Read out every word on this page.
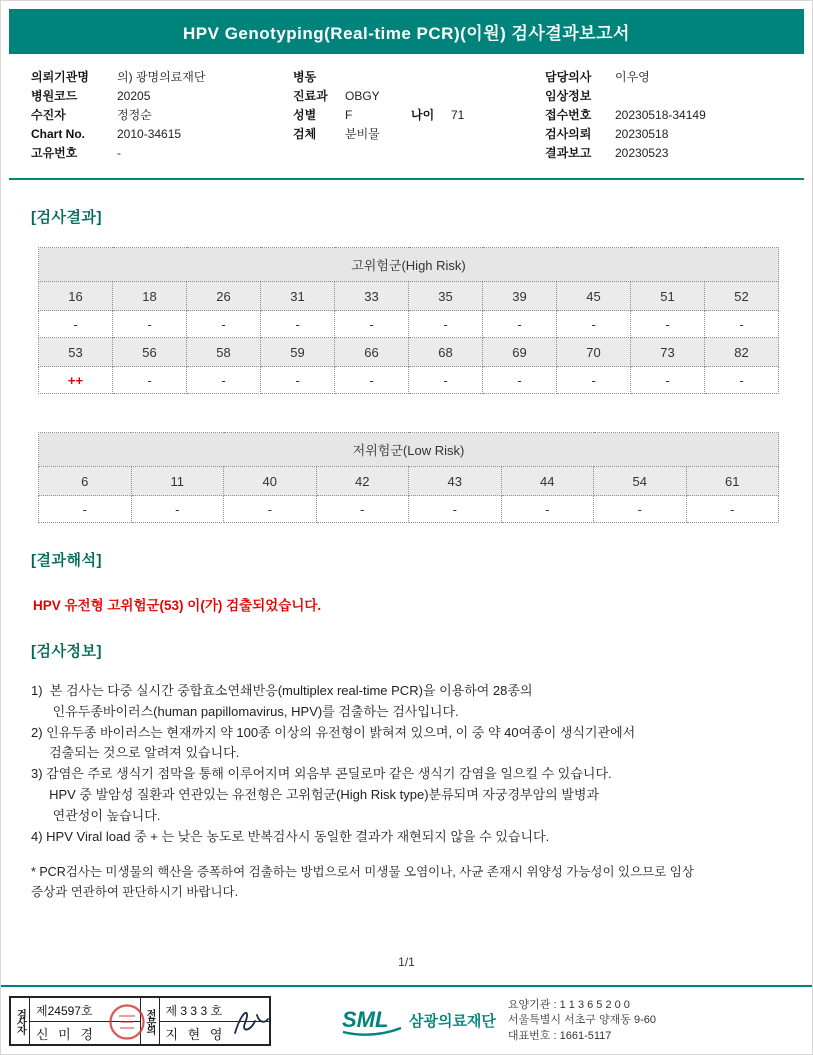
HPV Genotyping(Real-time PCR)(이원) 검사결과보고서
의뢰기관명	의) 광명의료재단
병원코드	20205
수진자	정정순
Chart No.	2010-34615
고유번호	-
병동
진료과	OBGY
성별	F	나이	71
검체	분비물
담당의사	이우영
임상정보
접수번호	20230518-34149
검사의뢰	20230518
결과보고	20230523
[검사결과]
고위험군(High Risk)									
16	18	26	31	33	35	39	45	51	52
-	-	-	-	-	-	-	-	-	-
53	56	58	59	66	68	69	70	73	82
++	-	-	-	-	-	-	-	-	-
저위험군(Low Risk)							
6	11	40	42	43	44	54	61
-	-	-	-	-	-	-	-
[결과해석]
HPV 유전형 고위험군(53) 이(가) 검출되었습니다.
[검사정보]
1)  본 검사는 다중 실시간 중합효소연쇄반응(multiplex real-time PCR)을 이용하여 28종의
인유두종바이러스(human papillomavirus, HPV)를 검출하는 검사입니다.
2) 인유두종 바이러스는 현재까지 약 100종 이상의 유전형이 밝혀져 있으며, 이 중 약 40여종이 생식기관에서
검출되는 것으로 알려져 있습니다.
3) 감염은 주로 생식기 점막을 통해 이루어지며 외음부 콘딜로마 같은 생식기 감염을 일으킬 수 있습니다.
HPV 중 발암성 질환과 연관있는 유전형은 고위험군(High Risk type)분류되며 자궁경부암의 발병과
연관성이 높습니다.
4) HPV Viral load 중 + 는 낮은 농도로 반복검사시 동일한 결과가 재현되지 않을 수 있습니다.
* PCR검사는 미생물의 핵산을 증폭하여 검출하는 방법으로서 미생물 오염이나, 사균 존재시 위양성 가능성이 있으므로 임상
증상과 연관하여 판단하시기 바랍니다.
1/1
검사자 제24597호
신 미 경
전문의 제 3 3 3 호
지 현 영
SML 삼광의료재단
요양기관 : 1 1 3 6 5 2 0 0
서울특별시 서초구 양재동 9-60
대표번호 : 1661-5117
